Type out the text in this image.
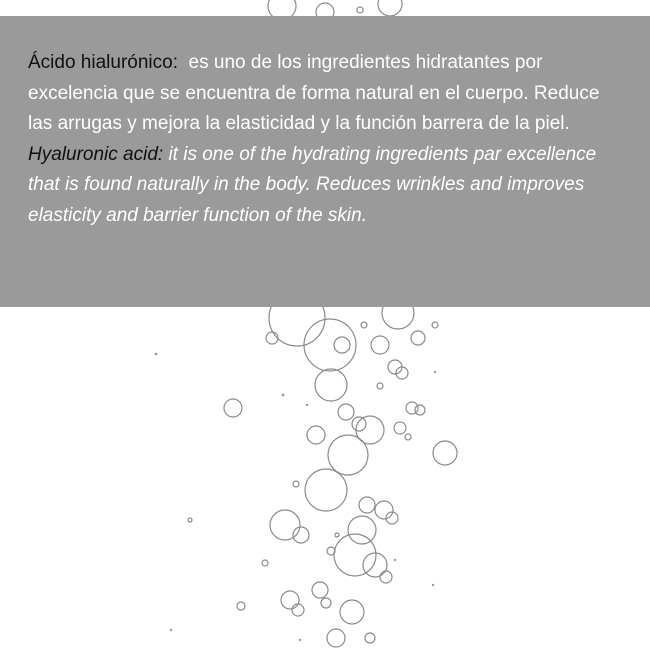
Ácido hialurónico: es uno de los ingredientes hidratantes por excelencia que se encuentra de forma natural en el cuerpo. Reduce las arrugas y mejora la elasticidad y la función barrera de la piel.

Hyaluronic acid: it is one of the hydrating ingredients par excellence that is found naturally in the body. Reduces wrinkles and improves elasticity and barrier function of the skin.
